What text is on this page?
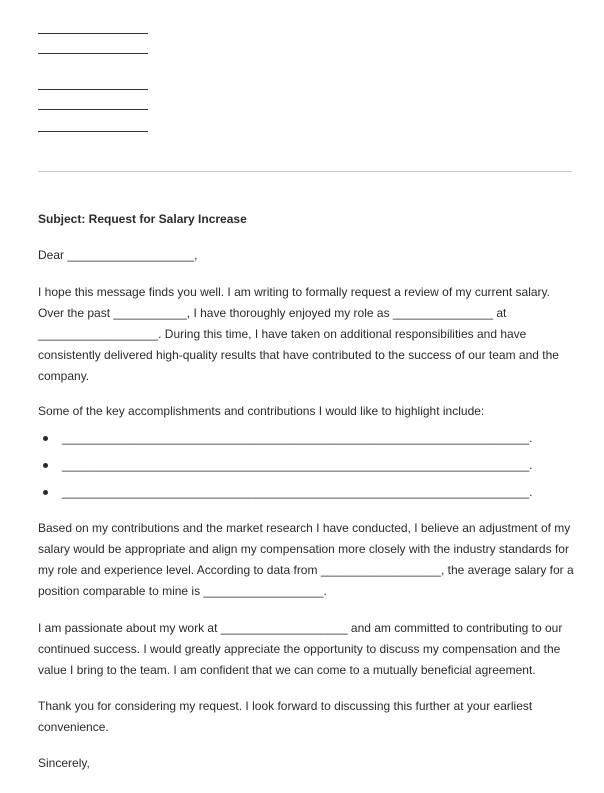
Subject: Request for Salary Increase

Dear ___________________,

I hope this message finds you well. I am writing to formally request a review of my current salary. Over the past ___________, I have thoroughly enjoyed my role as _______________ at __________________. During this time, I have taken on additional responsibilities and have consistently delivered high-quality results that have contributed to the success of our team and the company.

Some of the key accomplishments and contributions I would like to highlight include:

______________________________________________________________________.
______________________________________________________________________.
______________________________________________________________________.

Based on my contributions and the market research I have conducted, I believe an adjustment of my salary would be appropriate and align my compensation more closely with the industry standards for my role and experience level. According to data from __________________, the average salary for a position comparable to mine is __________________.

I am passionate about my work at ___________________ and am committed to contributing to our continued success. I would greatly appreciate the opportunity to discuss my compensation and the value I bring to the team. I am confident that we can come to a mutually beneficial agreement.

Thank you for considering my request. I look forward to discussing this further at your earliest convenience.

Sincerely,
